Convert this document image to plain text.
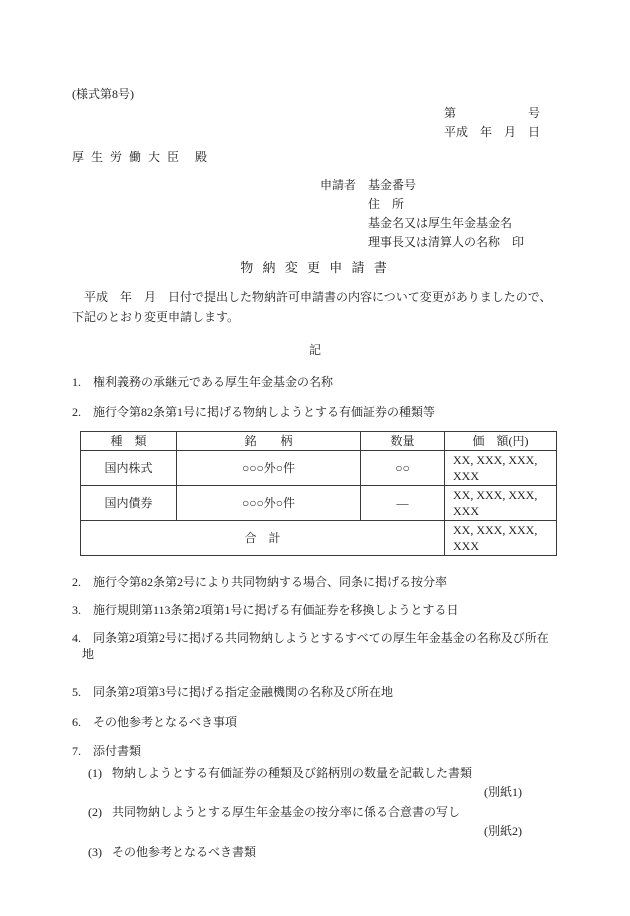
(様式第8号)
第　　　　　　号
平成　年　月　日
厚 生 労 働 大 臣　殿
申請者 基金番号
住　所
基金名又は厚生年金基金名
理事長又は清算人の名称　印
物 納 変 更 申 請 書
　平成　年　月　日付で提出した物納許可申請書の内容について変更がありましたので、
下記のとおり変更申請します。
記
1. 権利義務の承継元である厚生年金基金の名称
2. 施行令第82条第1号に掲げる物納しようとする有価証券の種類等
種　類	銘　　柄	数量	価　額(円)
国内株式	○○○外○件	○○	XX, XXX, XXX, XXX
国内債券	○○○外○件	—	XX, XXX, XXX, XXX
合　計			XX, XXX, XXX, XXX
2. 施行令第82条第2号により共同物納する場合、同条に掲げる按分率
3. 施行規則第113条第2項第1号に掲げる有価証券を移換しようとする日
4. 同条第2項第2号に掲げる共同物納しようとするすべての厚生年金基金の名称及び所在地
5. 同条第2項第3号に掲げる指定金融機関の名称及び所在地
6. その他参考となるべき事項
7. 添付書類
(1) 物納しようとする有価証券の種類及び銘柄別の数量を記載した書類
(別紙1)
(2) 共同物納しようとする厚生年金基金の按分率に係る合意書の写し
(別紙2)
(3) その他参考となるべき書類
